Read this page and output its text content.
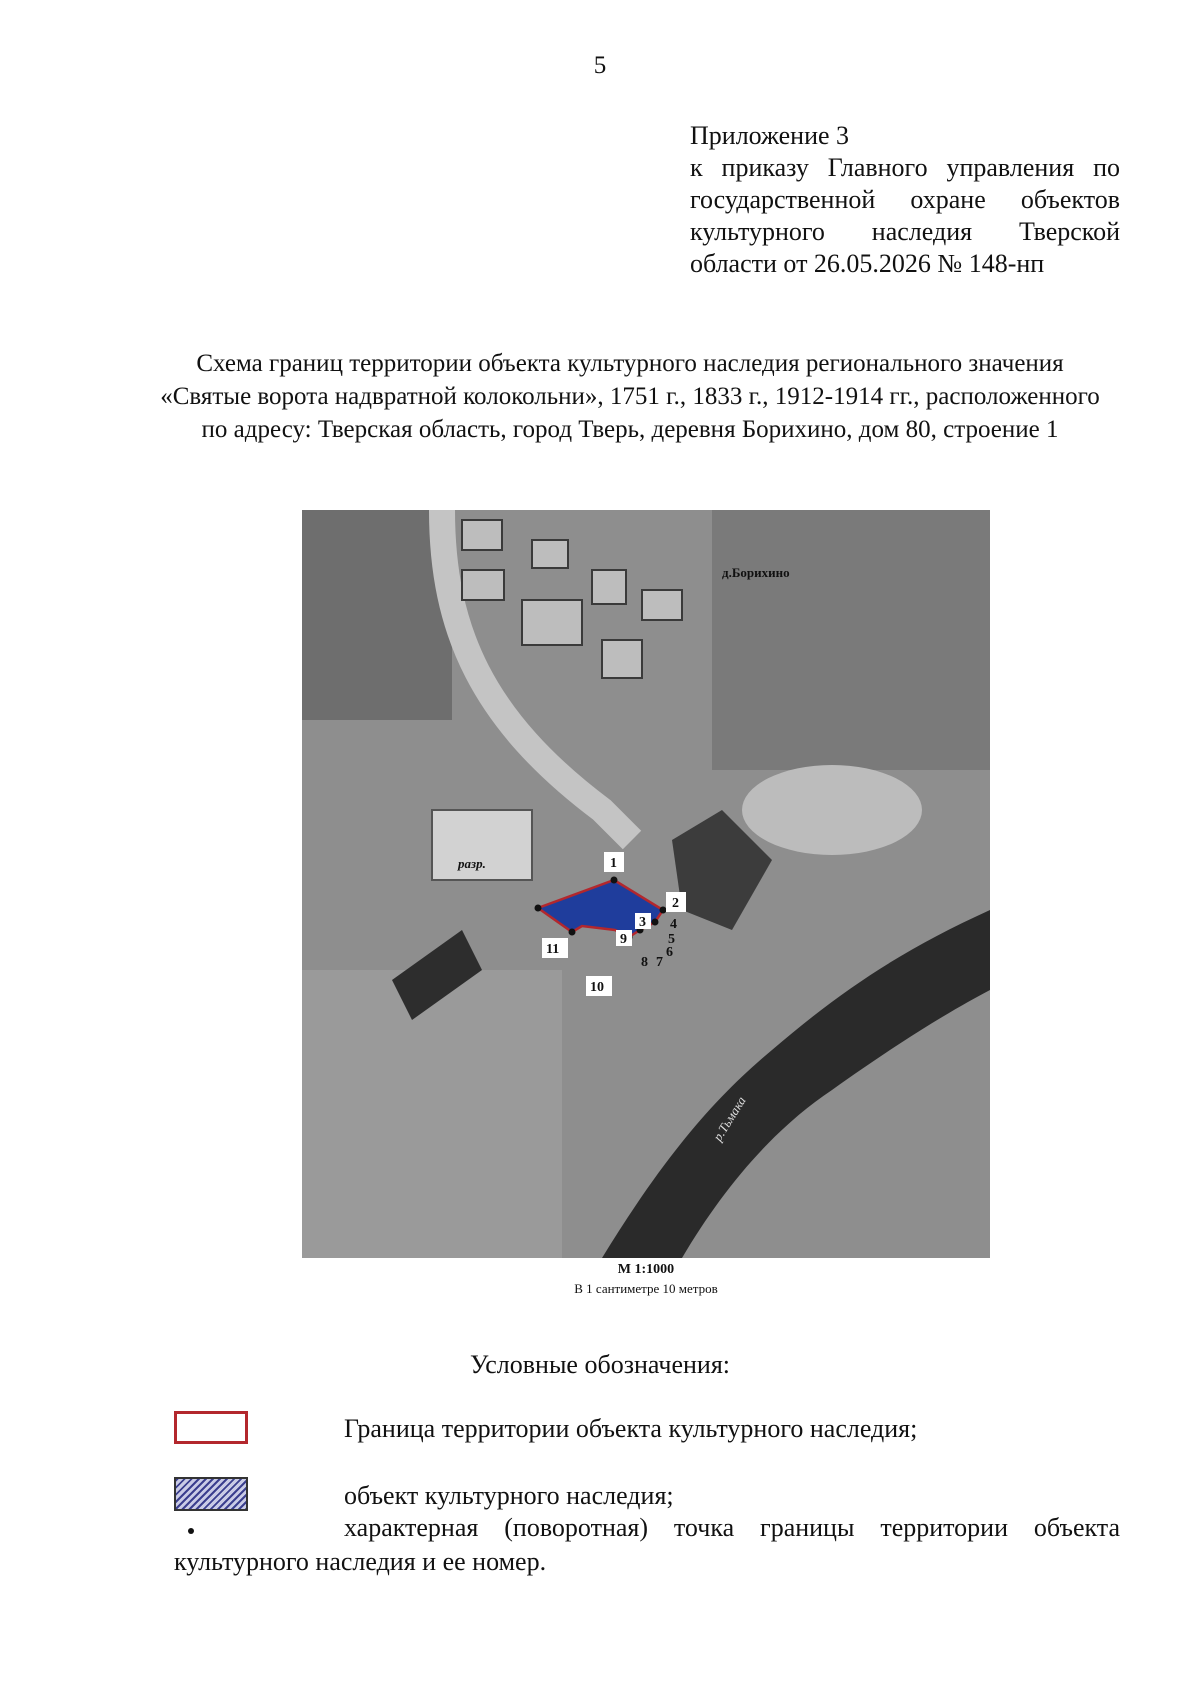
5
Приложение 3
к приказу Главного управления по
государственной охране объектов
культурного наследия Тверской
области от 26.05.2026 № 148-нп
Схема границ территории объекта культурного наследия регионального значения «Святые ворота надвратной колокольни», 1751 г., 1833 г., 1912-1914 гг., расположенного по адресу: Тверская область, город Тверь, деревня Борихино, дом 80, строение 1
1
2
3 4
5
6
7
8
9
10
11
д.Борихино
разр.
р.Тьмака
М 1:1000
В 1 сантиметре 10 метров
Условные обозначения:
Граница территории объекта культурного наследия;
объект культурного наследия;
характерная (поворотная) точка границы территории объекта культурного наследия и ее номер.
